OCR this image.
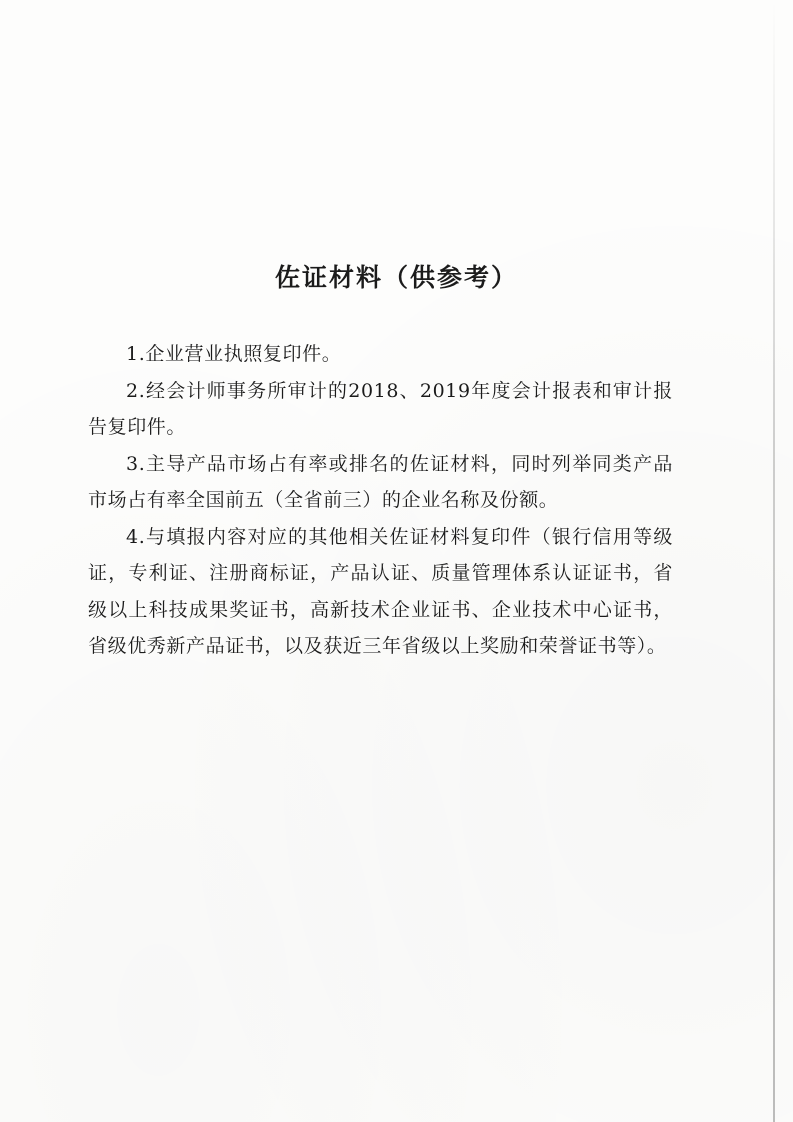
佐证材料（供参考）

1.企业营业执照复印件。

2.经会计师事务所审计的2018、2019年度会计报表和审计报告复印件。

3.主导产品市场占有率或排名的佐证材料，同时列举同类产品市场占有率全国前五（全省前三）的企业名称及份额。

4.与填报内容对应的其他相关佐证材料复印件（银行信用等级证，专利证、注册商标证，产品认证、质量管理体系认证证书，省级以上科技成果奖证书，高新技术企业证书、企业技术中心证书，省级优秀新产品证书，以及获近三年省级以上奖励和荣誉证书等）。
